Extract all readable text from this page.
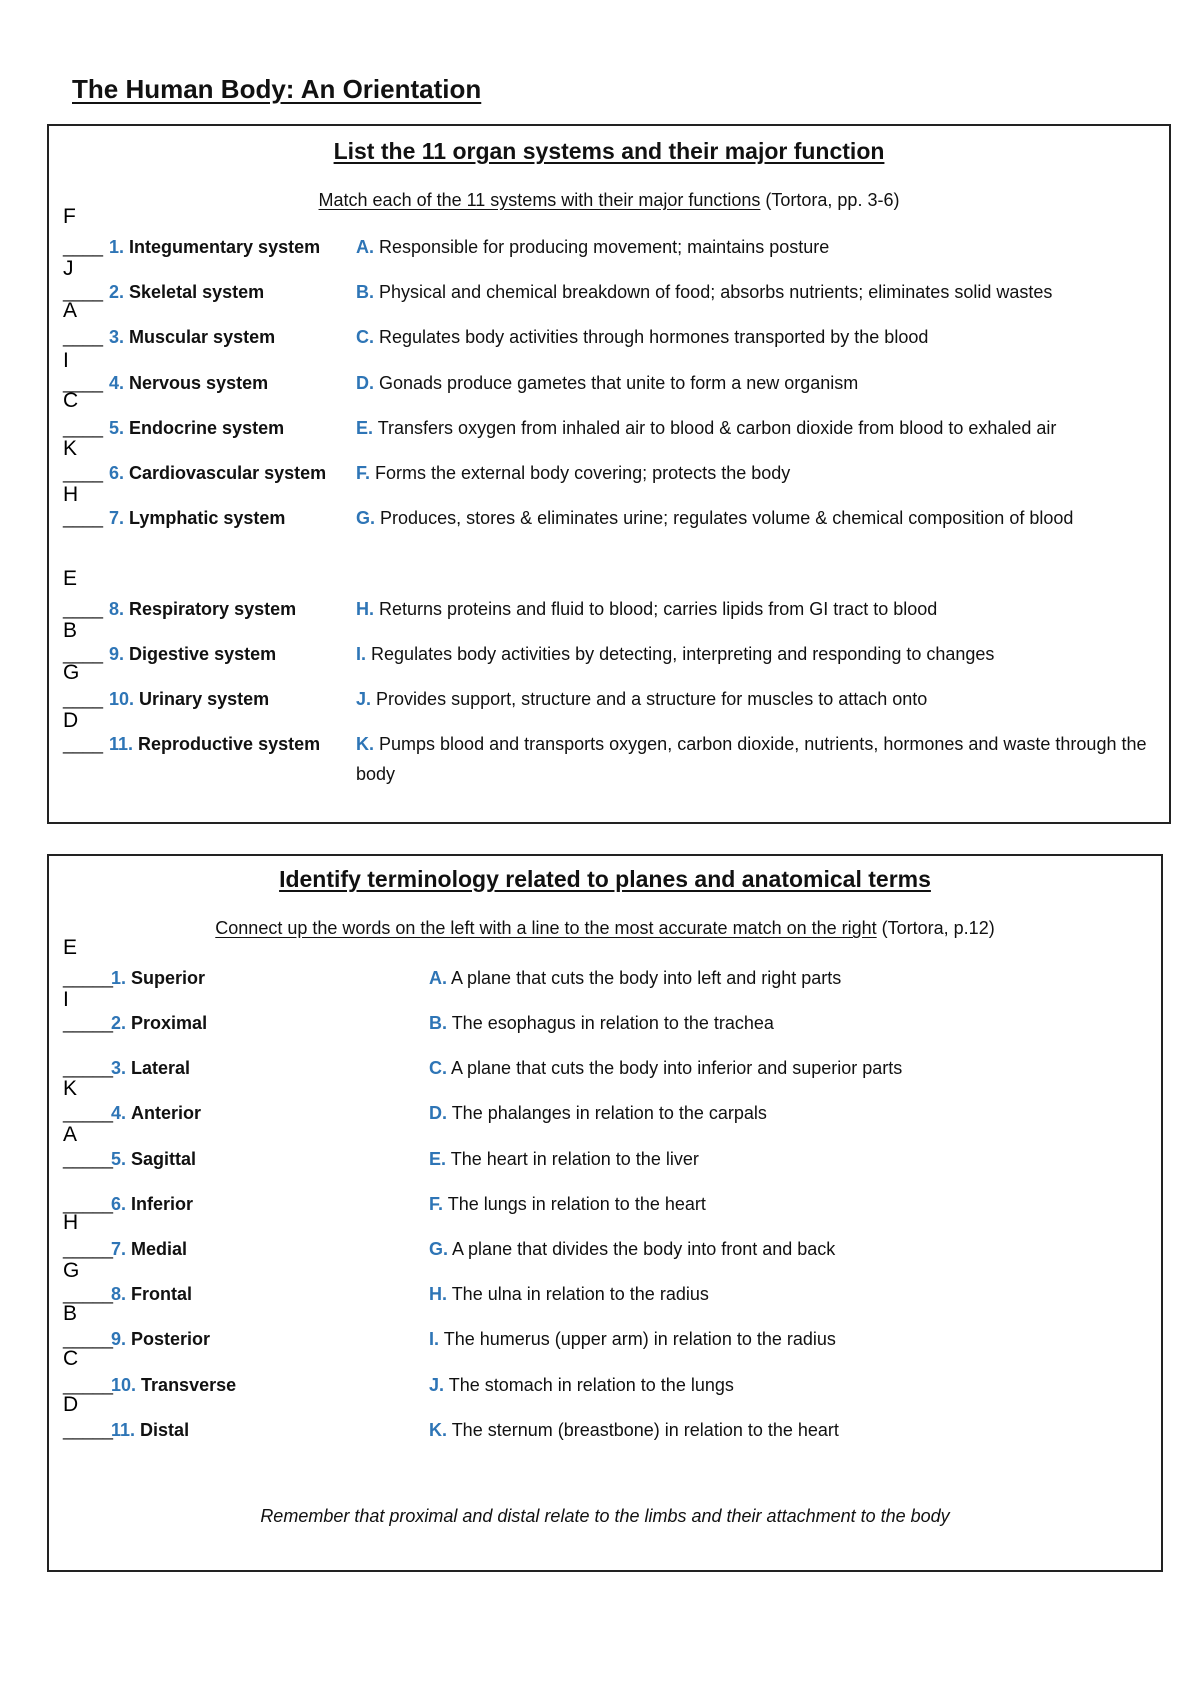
The Human Body: An Orientation
List the 11 organ systems and their major function
Match each of the 11 systems with their major functions (Tortora, pp. 3-6)
F
____ 1. Integumentary system A. Responsible for producing movement; maintains posture
J
____ 2. Skeletal system	B. Physical and chemical breakdown of food; absorbs nutrients; eliminates solid wastes
A
____ 3. Muscular system	C. Regulates body activities through hormones transported by the blood
I
____ 4. Nervous system	D. Gonads produce gametes that unite to form a new organism
C
____ 5. Endocrine system	E. Transfers oxygen from inhaled air to blood & carbon dioxide from blood to exhaled air
K
____ 6. Cardiovascular system F. Forms the external body covering; protects the body
H
____ 7. Lymphatic system	G. Produces, stores & eliminates urine; regulates volume & chemical composition of blood
E
____ 8. Respiratory system	H. Returns proteins and fluid to blood; carries lipids from GI tract to blood
B
____ 9. Digestive system	I. Regulates body activities by detecting, interpreting and responding to changes
G
____ 10. Urinary system	J. Provides support, structure and a structure for muscles to attach onto
D
____ 11. Reproductive system K. Pumps blood and transports oxygen, carbon dioxide, nutrients, hormones and waste through the body
Identify terminology related to planes and anatomical terms
Connect up the words on the left with a line to the most accurate match on the right (Tortora, p.12)
E
_____
1. Superior	A. A plane that cuts the body into left and right parts
I
_____
2. Proximal	B. The esophagus in relation to the trachea
_____
3. Lateral	C. A plane that cuts the body into inferior and superior parts
K
_____
4. Anterior	D. The phalanges in relation to the carpals
A
_____
5. Sagittal	E. The heart in relation to the liver
_____
6. Inferior	F. The lungs in relation to the heart
H
_____
7. Medial	G. A plane that divides the body into front and back
G
_____
8. Frontal	H. The ulna in relation to the radius
B
_____
9. Posterior	I. The humerus (upper arm) in relation to the radius
C
_____
10. Transverse	J. The stomach in relation to the lungs
D
_____
11. Distal	K. The sternum (breastbone) in relation to the heart
Remember that proximal and distal relate to the limbs and their attachment to the body
